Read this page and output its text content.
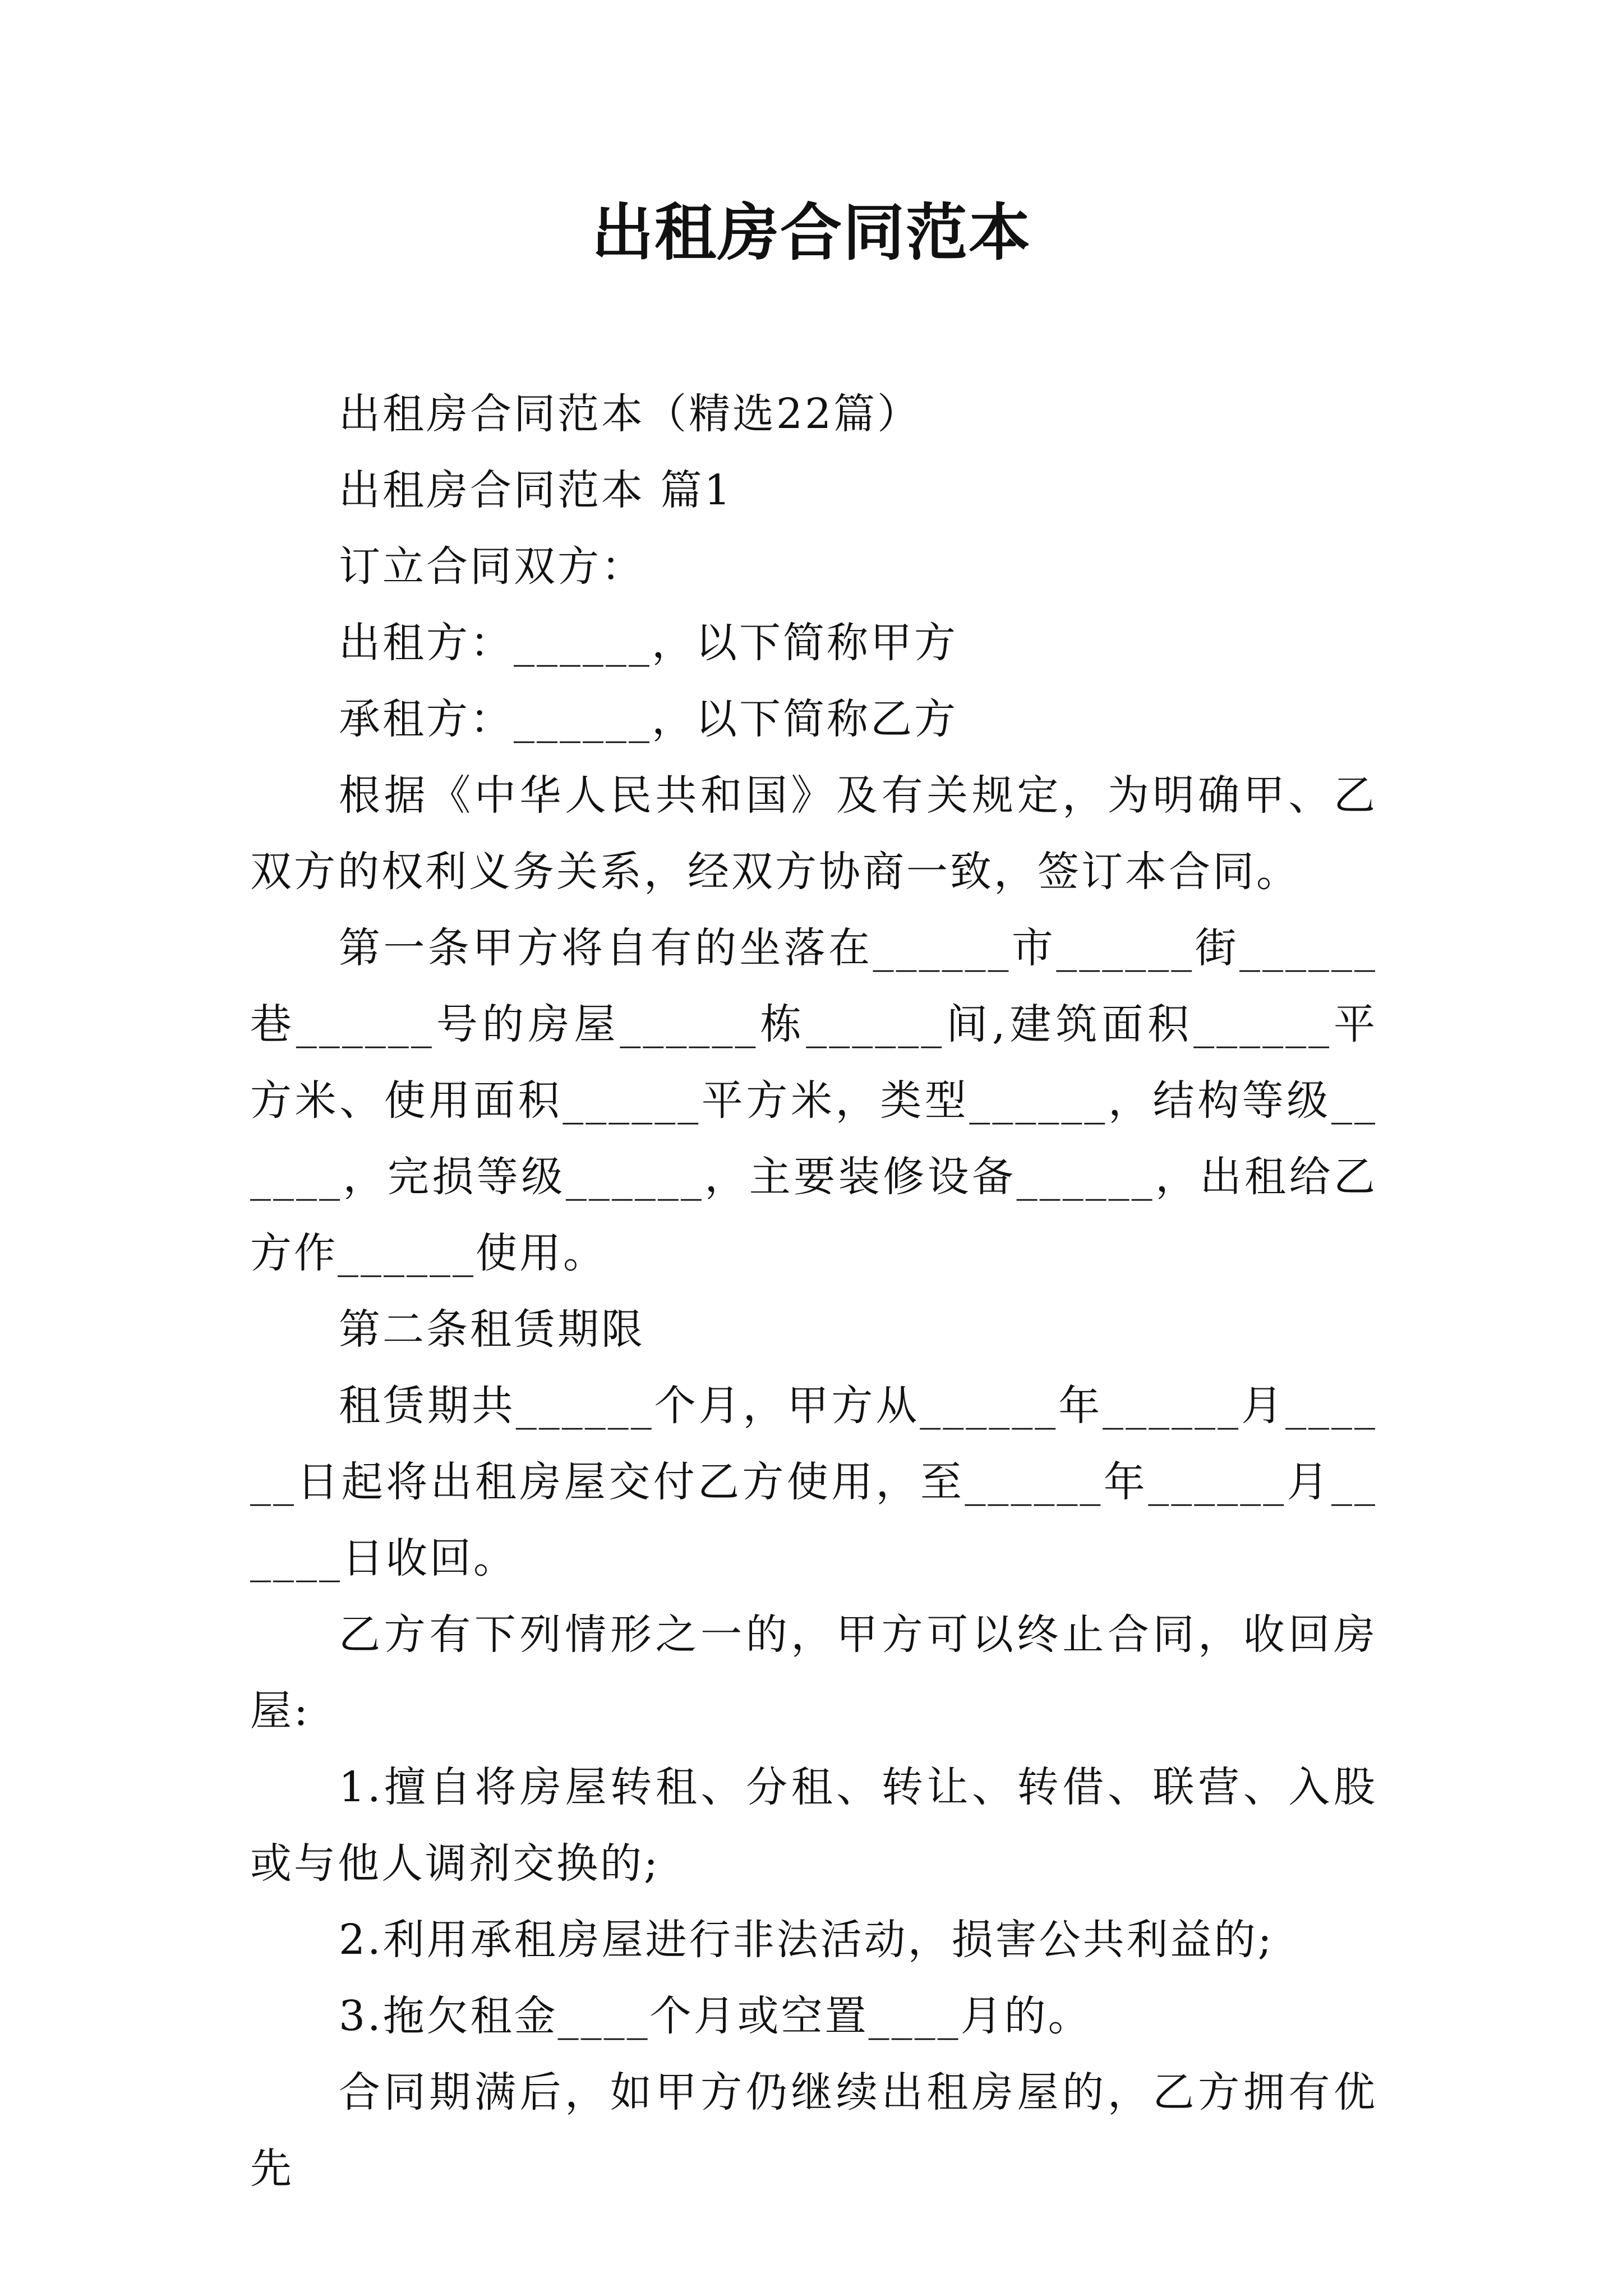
出租房合同范本

出租房合同范本（精选22篇）

出租房合同范本 篇1

订立合同双方：

出租方：______，以下简称甲方

承租方：______，以下简称乙方

根据《中华人民共和国》及有关规定，为明确甲、乙双方的权利义务关系，经双方协商一致，签订本合同。

第一条甲方将自有的坐落在______市______街______巷______号的房屋______栋______间,建筑面积______平方米、使用面积______平方米，类型______，结构等级______，完损等级______，主要装修设备______，出租给乙方作______使用。

第二条租赁期限

租赁期共______个月，甲方从______年______月______日起将出租房屋交付乙方使用，至______年______月______日收回。

乙方有下列情形之一的，甲方可以终止合同，收回房屋:

1.擅自将房屋转租、分租、转让、转借、联营、入股或与他人调剂交换的;

2.利用承租房屋进行非法活动，损害公共利益的;

3.拖欠租金____个月或空置____月的。

合同期满后，如甲方仍继续出租房屋的，乙方拥有优先
